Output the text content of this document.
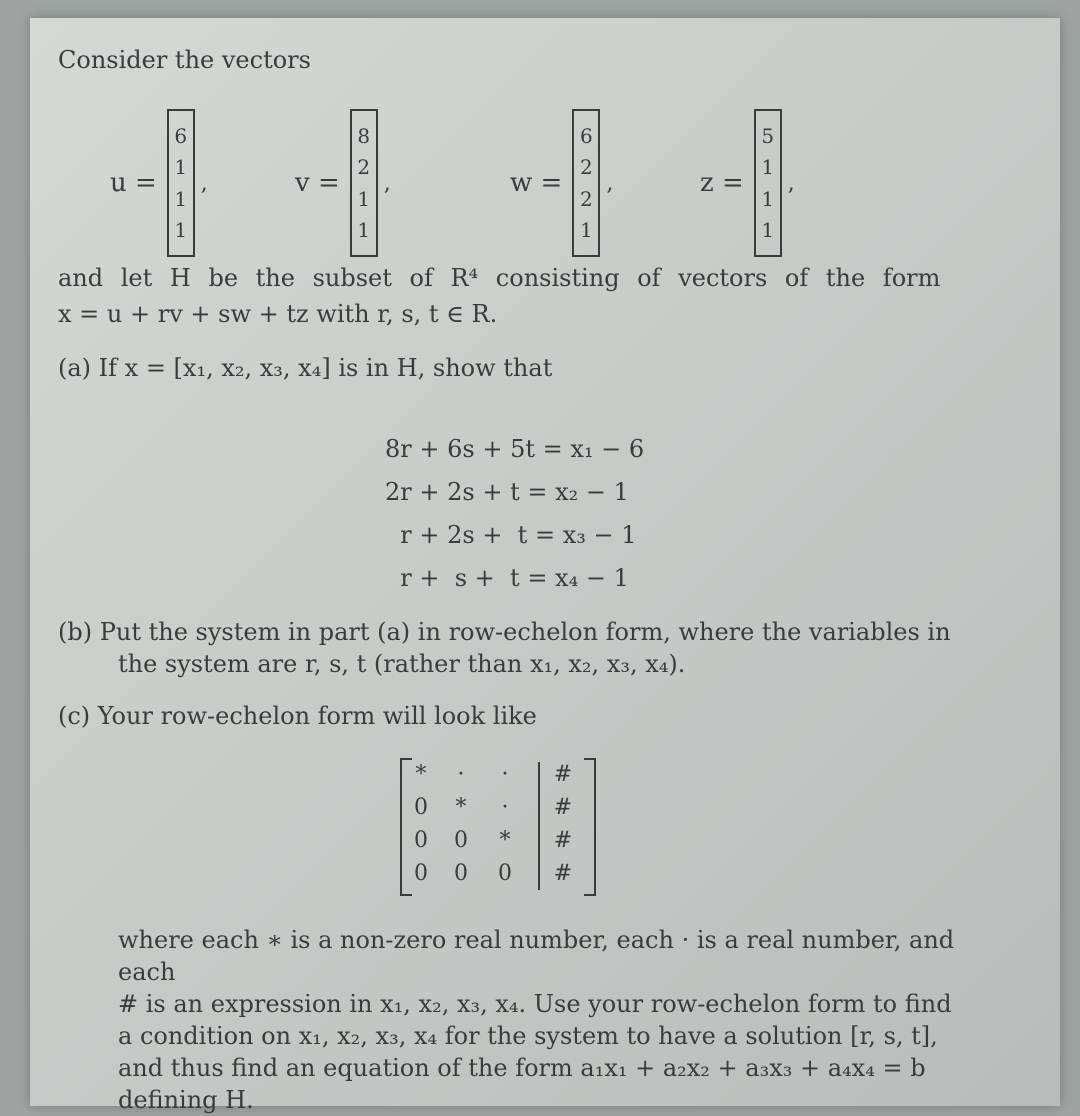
Consider the vectors
u =
6
1
1
1
,	v =
8
2
1
1
,	w =
6
2
2
1
,	z =
5
1
1
1
,
and let H be the subset of R⁴ consisting of vectors of the form
x = u + rv + sw + tz with r, s, t ∈ R.
(a) If x = [x₁, x₂, x₃, x₄] is in H, show that
8r + 6s + 5t = x₁ − 6
2r + 2s + t = x₂ − 1
r + 2s +  t = x₃ − 1
r +  s +  t = x₄ − 1
(b) Put the system in part (a) in row-echelon form, where the variables in
the system are r, s, t (rather than x₁, x₂, x₃, x₄).
(c) Your row-echelon form will look like
*	·	·	#
0	*	·	#
0 0	*	#
0 0 0 #
where each ∗ is a non-zero real number, each · is a real number, and each
# is an expression in x₁, x₂, x₃, x₄. Use your row-echelon form to find
a condition on x₁, x₂, x₃, x₄ for the system to have a solution [r, s, t],
and thus find an equation of the form a₁x₁ + a₂x₂ + a₃x₃ + a₄x₄ = b
defining H.
